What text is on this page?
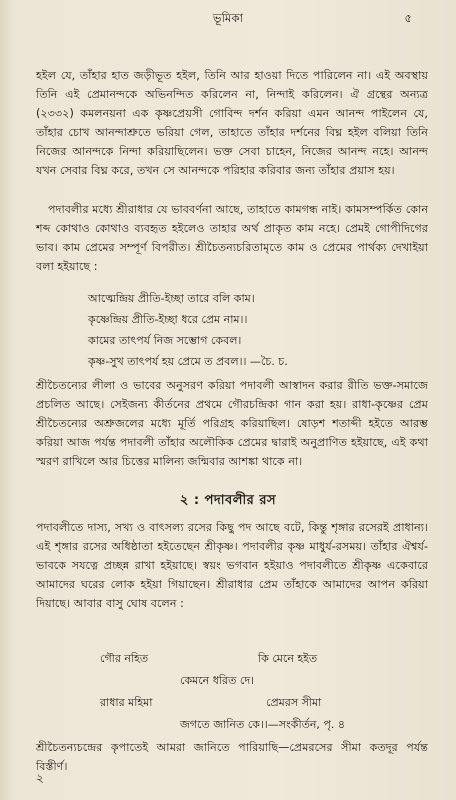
ভূমিকা	৫

হইল যে, তাঁহার হাত জড়ীভূত হইল, তিনি আর হাওয়া দিতে পারিলেন না। এই অবস্থায় তিনি এই প্রেমানন্দকে অভিনন্দিত করিলেন না, নিন্দাই করিলেন। ঐ গ্রন্থের অন্যত্র (২৩৩২) কমলনয়না এক কৃষ্ণপ্রেয়সী গোবিন্দ দর্শন করিয়া এমন আনন্দ পাইলেন যে, তাঁহার চোখ আনন্দাশ্রুতে ভরিয়া গেল, তাহাতে তাঁহার দর্শনের বিঘ্ন হইল বলিয়া তিনি নিজের আনন্দকে নিন্দা করিয়াছিলেন। ভক্ত সেবা চাহেন, নিজের আনন্দ নহে। আনন্দ যখন সেবার বিঘ্ন করে, তখন সে আনন্দকে পরিহার করিবার জন্য তাঁহার প্রয়াস হয়।

পদাবলীর মধ্যে শ্রীরাধার যে ভাববর্ণনা আছে, তাহাতে কামগন্ধ নাই। কামসম্পর্কিত কোন শব্দ কোথাও কোথাও ব্যবহৃত হইলেও তাহার অর্থ প্রাকৃত কাম নহে। প্রেমই গোপীদিগের ভাব। কাম প্রেমের সম্পূর্ণ বিপরীত। শ্রীচৈতন্যচরিতামৃতে কাম ও প্রেমের পার্থক্য দেখাইয়া বলা হইয়াছে :

আত্মেন্দ্রিয় প্রীতি-ইচ্ছা তারে বলি কাম।
কৃষ্ণেন্দ্রিয় প্রীতি-ইচ্ছা ধরে প্রেম নাম।।
কামের তাৎপর্য নিজ সম্ভোগ কেবল।
কৃষ্ণ-সুখ তাৎপর্য হয় প্রেমে ত প্রবল।। —চৈ. চ.

শ্রীচৈতন্যের লীলা ও ভাবের অনুসরণ করিয়া পদাবলী আস্বাদন করার রীতি ভক্ত-সমাজে প্রচলিত আছে। সেইজন্য কীর্তনের প্রথমে গৌরচন্দ্রিকা গান করা হয়। রাধা-কৃষ্ণের প্রেম শ্রীচৈতন্যের অশ্রুজলের মধ্যে মূর্তি পরিগ্রহ করিয়াছিল। ষোড়শ শতাব্দী হইতে আরম্ভ করিয়া আজ পর্যন্ত পদাবলী তাঁহার অলৌকিক প্রেমের দ্বারাই অনুপ্রাণিত হইয়াছে, এই কথা স্মরণ রাখিলে আর চিত্তের মালিন্য জন্মিবার আশঙ্কা থাকে না।

২ : পদাবলীর রস

পদাবলীতে দাস্য, সখ্য ও বাৎসল্য রসের কিছু পদ আছে বটে, কিন্তু শৃঙ্গার রসেরই প্রাধান্য। এই শৃঙ্গার রসের অধিষ্ঠাতা হইতেছেন শ্রীকৃষ্ণ। পদাবলীর কৃষ্ণ মাধুর্য-রসময়। তাঁহার ঐশ্বর্য-ভাবকে সযত্নে প্রচ্ছন্ন রাখা হইয়াছে। স্বয়ং ভগবান হইয়াও পদাবলীতে শ্রীকৃষ্ণ একেবারে আমাদের ঘরের লোক হইয়া গিয়াছেন। শ্রীরাধার প্রেম তাঁহাকে আমাদের আপন করিয়া দিয়াছে। আবার বাসু ঘোষ বলেন :

গৌর নহিত	কি মেনে হইত
কেমনে ধরিত দে।
রাধার মহিমা	প্রেমরস সীমা
জগতে জানিত কে।।—সংকীর্তন, পৃ. ৪

শ্রীচৈতন্যচন্দ্রের কৃপাতেই আমরা জানিতে পারিয়াছি—প্রেমরসের সীমা কতদূর পর্যন্ত বিস্তীর্ণ।

২
